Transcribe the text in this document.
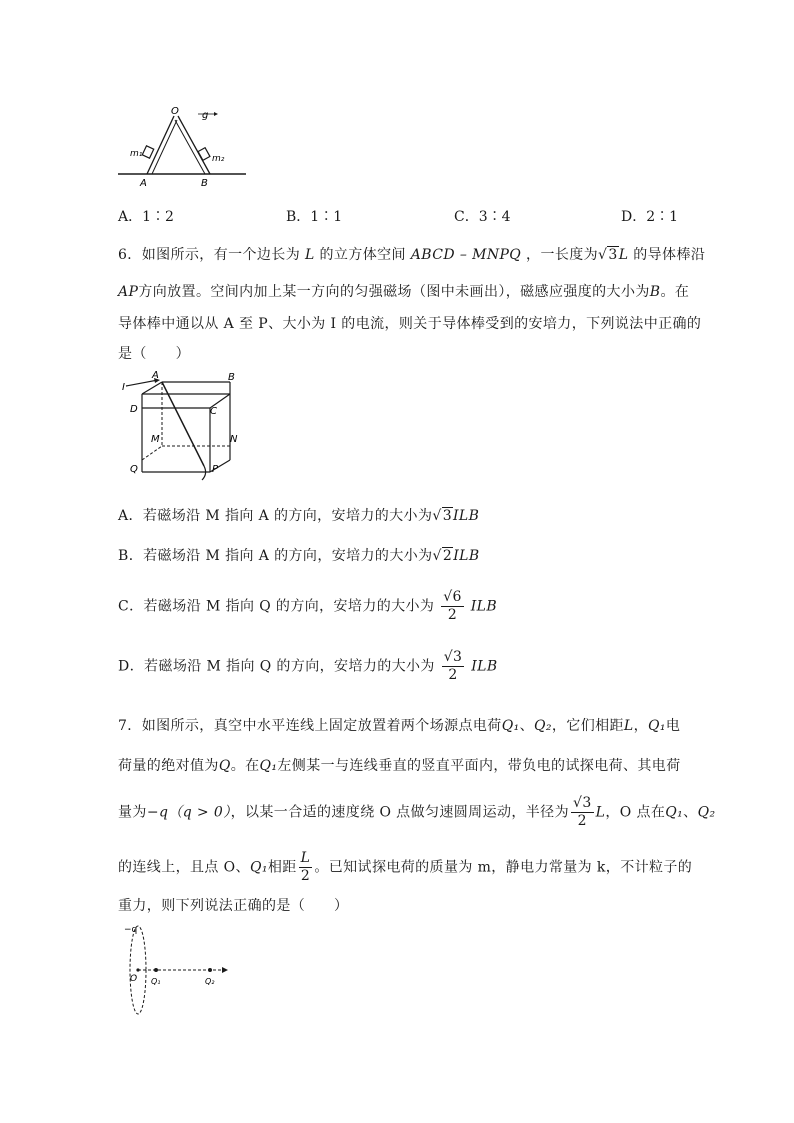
O
A	B
m₁	m₂
g
A．1∶2	B．1∶1	C．3∶4	D．2∶1
6．如图所示，有一个边长为 L 的立方体空间 ABCD – MNPQ ，一长度为√3L 的导体棒沿
AP方向放置。空间内加上某一方向的匀强磁场（图中未画出），磁感应强度的大小为B。在
导体棒中通以从 A 至 P、大小为 I 的电流，则关于导体棒受到的安培力，下列说法中正确的
是（　　）
I
A	B
C
D
M	N
P
Q
A．若磁场沿 M 指向 A 的方向，安培力的大小为√3ILB
B．若磁场沿 M 指向 A 的方向，安培力的大小为√2ILB
C．若磁场沿 M 指向 Q 的方向，安培力的大小为 $\frac{√6}{2}$ ILB
D．若磁场沿 M 指向 Q 的方向，安培力的大小为 $\frac{√3}{2}$ ILB
7．如图所示，真空中水平连线上固定放置着两个场源点电荷Q₁、Q₂，它们相距L，Q₁电
荷量的绝对值为Q。在Q₁左侧某一与连线垂直的竖直平面内，带负电的试探电荷、其电荷
量为−q（q > 0），以某一合适的速度绕 O 点做匀速圆周运动，半径为 $\frac{√3}{2}$ L，O 点在Q₁、Q₂
的连线上，且点 O、Q₁相距 $\frac{L}{2}$ 。已知试探电荷的质量为 m，静电力常量为 k，不计粒子的
重力，则下列说法正确的是（　　）
−q
O Q₁	Q₂
